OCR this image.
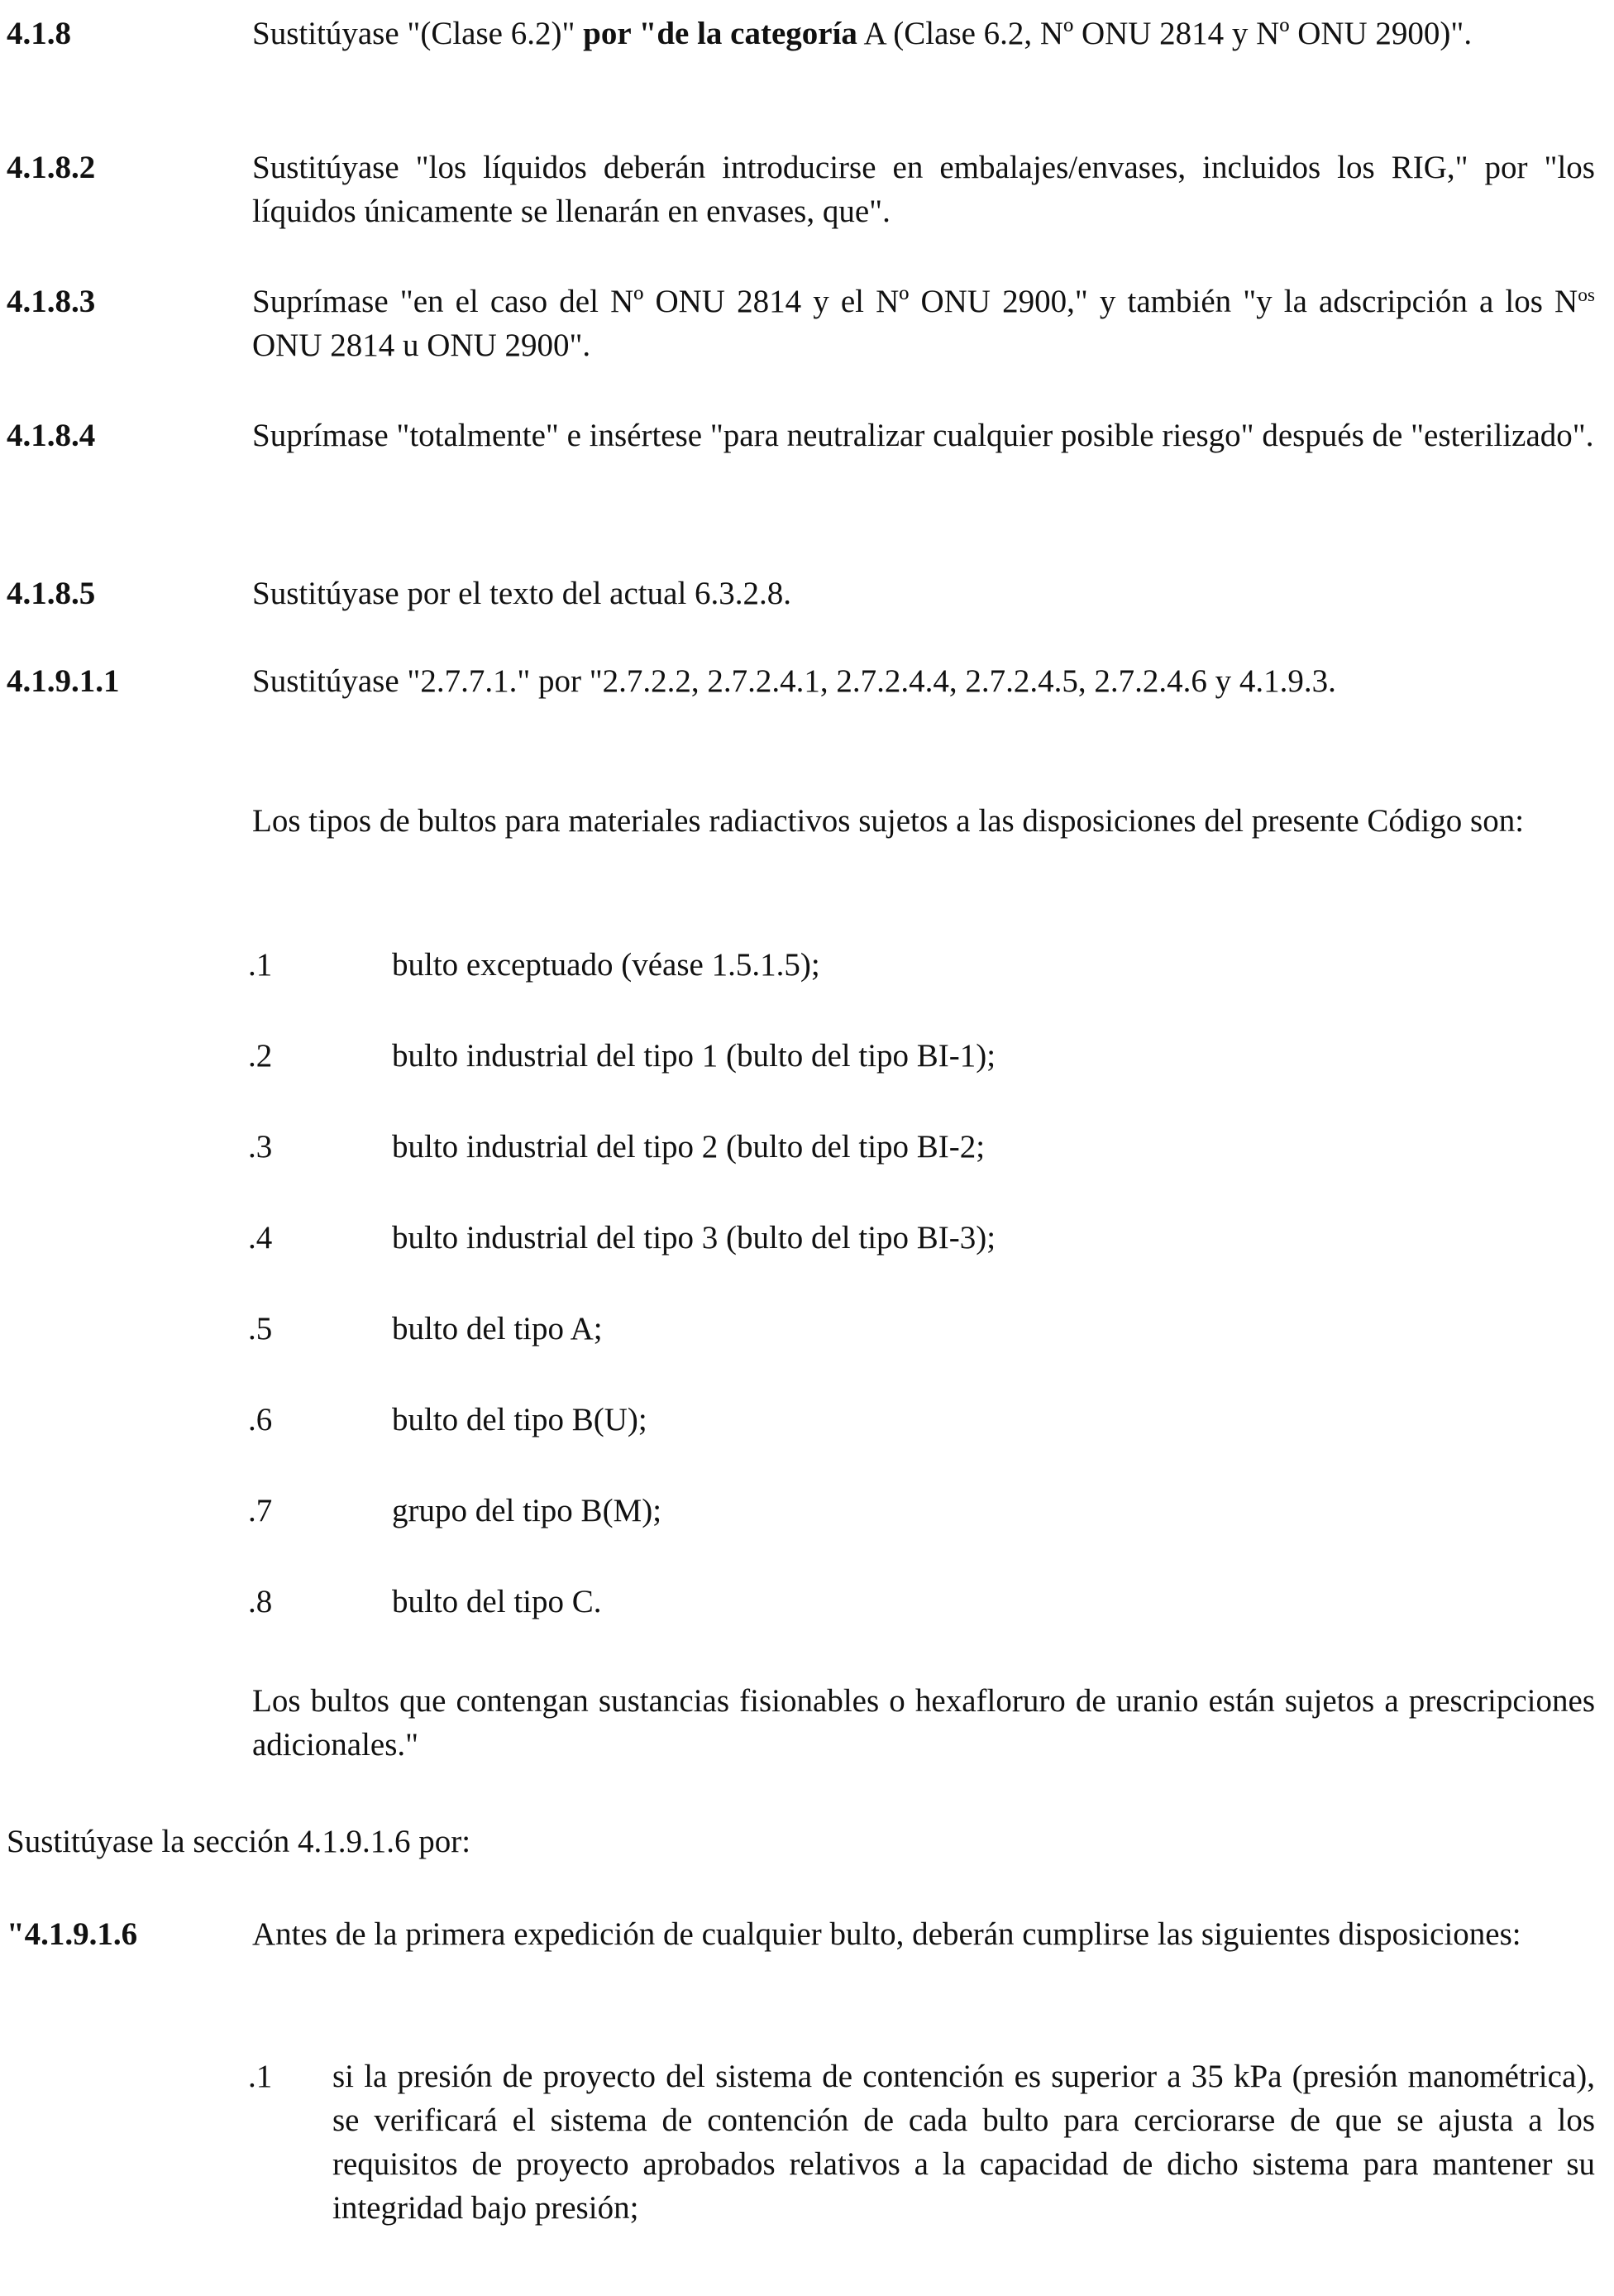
4.1.8	Sustitúyase "(Clase 6.2)" por "de la categoría A (Clase 6.2, Nº ONU 2814 y Nº ONU 2900)".

4.1.8.2	Sustitúyase "los líquidos deberán introducirse en embalajes/envases, incluidos los RIG," por "los líquidos únicamente se llenarán en envases, que".

4.1.8.3	Suprímase "en el caso del Nº ONU 2814 y el Nº ONU 2900," y también "y la adscripción a los $N^{os}$ ONU 2814 u ONU 2900".

4.1.8.4	Suprímase "totalmente" e insértese "para neutralizar cualquier posible riesgo" después de "esterilizado".

4.1.8.5	Sustitúyase por el texto del actual 6.3.2.8.

4.1.9.1.1	Sustitúyase "2.7.7.1." por "2.7.2.2, 2.7.2.4.1, 2.7.2.4.4, 2.7.2.4.5, 2.7.2.4.6 y 4.1.9.3.

Los tipos de bultos para materiales radiactivos sujetos a las disposiciones del presente Código son:

.1	bulto exceptuado (véase 1.5.1.5);
.2	bulto industrial del tipo 1 (bulto del tipo BI-1);
.3	bulto industrial del tipo 2 (bulto del tipo BI-2;
.4	bulto industrial del tipo 3 (bulto del tipo BI-3);
.5	bulto del tipo A;
.6	bulto del tipo B(U);
.7	grupo del tipo B(M);
.8	bulto del tipo C.

Los bultos que contengan sustancias fisionables o hexafloruro de uranio están sujetos a prescripciones adicionales."

Sustitúyase la sección 4.1.9.1.6 por:
"4.1.9.1.6	Antes de la primera expedición de cualquier bulto, deberán cumplirse las siguientes disposiciones:

.1 si la presión de proyecto del sistema de contención es superior a 35 kPa (presión manométrica), se verificará el sistema de contención de cada bulto para cerciorarse de que se ajusta a los requisitos de proyecto aprobados relativos a la capacidad de dicho sistema para mantener su integridad bajo presión;
